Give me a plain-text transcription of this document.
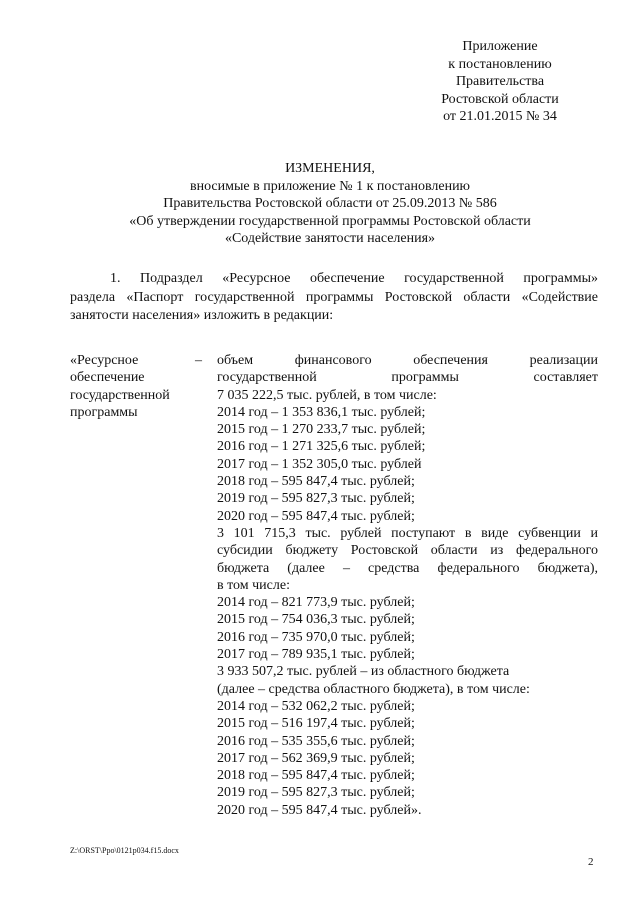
Приложение
к постановлению
Правительства
Ростовской области
от 21.01.2015 № 34
ИЗМЕНЕНИЯ,
вносимые в приложение № 1 к постановлению
Правительства Ростовской области от 25.09.2013 № 586
«Об утверждении государственной программы Ростовской области
«Содействие занятости населения»
1. Подраздел «Ресурсное обеспечение государственной программы»
раздела «Паспорт государственной программы Ростовской области «Содействие
занятости населения» изложить в редакции:
«Ресурсное
обеспечение
государственной
программы
– объем финансового обеспечения реализации
государственной программы составляет
7 035 222,5 тыс. рублей, в том числе:
2014 год – 1 353 836,1 тыс. рублей;
2015 год – 1 270 233,7 тыс. рублей;
2016 год – 1 271 325,6 тыс. рублей;
2017 год – 1 352 305,0 тыс. рублей
2018 год – 595 847,4 тыс. рублей;
2019 год – 595 827,3 тыс. рублей;
2020 год – 595 847,4 тыс. рублей;
3 101 715,3 тыс. рублей поступают в виде субвенции и
субсидии бюджету Ростовской области из федерального
бюджета (далее – средства федерального бюджета),
в том числе:
2014 год – 821 773,9 тыс. рублей;
2015 год – 754 036,3 тыс. рублей;
2016 год – 735 970,0 тыс. рублей;
2017 год – 789 935,1 тыс. рублей;
3 933 507,2 тыс. рублей – из областного бюджета
(далее – средства областного бюджета), в том числе:
2014 год – 532 062,2 тыс. рублей;
2015 год – 516 197,4 тыс. рублей;
2016 год – 535 355,6 тыс. рублей;
2017 год – 562 369,9 тыс. рублей;
2018 год – 595 847,4 тыс. рублей;
2019 год – 595 827,3 тыс. рублей;
2020 год – 595 847,4 тыс. рублей».
Z:\ORST\Ppo\0121p034.f15.docx
2
